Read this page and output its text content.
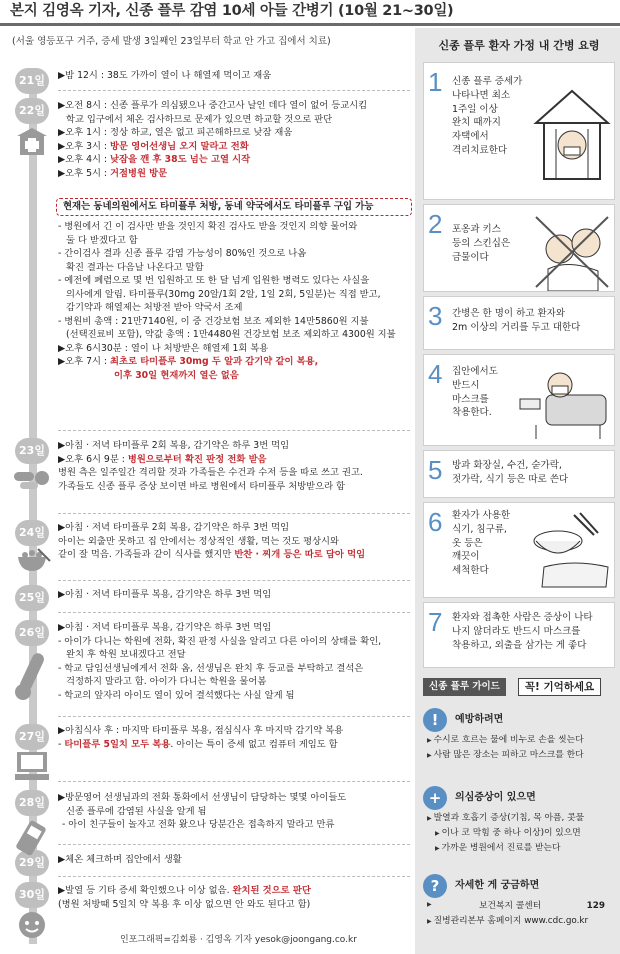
본지 김영옥 기자, 신종 플루 감염 10세 아들 간병기 (10월 21~30일)
(서울 영등포구 거주, 증세 발생 3일째인 23일부터 학교 안 가고 집에서 치료)
21일
22일
23일
24일
25일
26일
27일
28일
29일
30일
▶밤 12시 : 38도 가까이 열이 나 해열제 먹이고 재움
▶오전 8시 : 신종 플루가 의심됐으나 중간고사 날인 데다 열이 없어 등교시킴
학교 입구에서 체온 검사하므로 문제가 있으면 하교할 것으로 판단
▶오후 1시 : 정상 하교, 열은 없고 피곤해하므로 낮잠 재움
▶오후 3시 : 방문 영어선생님 오지 말라고 전화
▶오후 4시 : 낮잠을 깬 후 38도 넘는 고열 시작
▶오후 5시 : 거점병원 방문
현재는 동네의원에서도 타미플루 처방, 동네 약국에서도 타미플루 구입 가능
- 병원에서 긴 이 검사만 받을 것인지 확진 검사도 받을 것인지 의향 물어와
둘 다 받겠다고 함
- 간이검사 결과 신종 플루 감염 가능성이 80%인 것으로 나옴
확진 결과는 다음날 나온다고 말함
- 예전에 폐렴으로 몇 번 입원하고 또 한 달 넘게 입원한 병력도 있다는 사실을
의사에게 알림. 타미플루(30mg 20알/1회 2알, 1일 2회, 5일분)는 직접 받고,
감기약과 해열제는 처방전 받아 약국서 조제
- 병원비 총액 : 21만7140원, 이 중 건강보험 보조 제외한 14만5860원 지불
(선택진료비 포함), 약값 총액 : 1만4480원 건강보험 보조 제외하고 4300원 지불
▶오후 6시30분 : 열이 나 처방받은 해열제 1회 복용
▶오후 7시 : 최초로 타미플루 30mg 두 알과 감기약 같이 복용,
이후 30일 현재까지 열은 없음
▶아침 · 저녁 타미플루 2회 복용, 감기약은 하루 3번 먹임
▶오후 6시 9분 : 병원으로부터 확진 판정 전화 받음
병원 측은 일주일간 격리할 것과 가족들은 수건과 수저 등을 따로 쓰고 권고.
가족들도 신종 플루 증상 보이면 바로 병원에서 타미플루 처방받으라 함
▶아침 · 저녁 타미플루 2회 복용, 감기약은 하루 3번 먹임
아이는 외출만 못하고 집 안에서는 정상적인 생활, 먹는 것도 평상시와
같이 잘 먹음. 가족들과 같이 식사를 했지만 반찬 · 찌개 등은 따로 담아 먹임
▶아침 · 저녁 타미플루 복용, 감기약은 하루 3번 먹임
▶아침 · 저녁 타미플루 복용, 감기약은 하루 3번 먹임
- 아이가 다니는 학원에 전화, 확진 판정 사실을 알리고 다른 아이의 상태를 확인,
완치 후 학원 보내겠다고 전달
- 학교 담임선생님에게서 전화 옴, 선생님은 완치 후 등교를 부탁하고 결석은
걱정하지 말라고 함. 아이가 다니는 학원을 물어봄
- 학교의 앞자리 아이도 열이 있어 결석했다는 사실 알게 됨
▶아침식사 후 : 마지막 타미플루 복용, 점심식사 후 마지막 감기약 복용
- 타미플루 5일치 모두 복용. 아이는 특이 증세 없고 컴퓨터 게임도 함
▶방문영어 선생님과의 전화 통화에서 선생님이 담당하는 몇몇 아이들도
신종 플루에 감염된 사실을 알게 됨
- 아이 친구들이 놀자고 전화 왔으나 당분간은 접촉하지 말라고 만류
▶체온 체크하며 집안에서 생활
▶발열 등 기타 증세 확인했으나 이상 없음. 완치된 것으로 판단
(병원 처방때 5일치 약 복용 후 이상 없으면 안 와도 된다고 함)
인포그래픽=김회룡 · 김영옥 기자 yesok@joongang.co.kr
신종 플루 환자 가정 내 간병 요령
1 신종 플루 증세가
나타나면 최소
1주일 이상
완치 때까지
자택에서
격리치료한다
2 포옹과 키스
등의 스킨십은
금물이다
3 간병은 한 명이 하고 환자와
2m 이상의 거리를 두고 대한다
4 집안에서도
반드시
마스크를
착용한다.
5 방과 화장실, 수건, 숟가락,
젓가락, 식기 등은 따로 쓴다
6 환자가 사용한
식기, 침구류,
옷 등은
깨끗이
세척한다
7 환자와 접촉한 사람은 증상이 나타
나지 않더라도 반드시 마스크를
착용하고, 외출을 삼가는 게 좋다
신종 플루 가이드	꼭! 기억하세요
!	예방하려면
▶ 수시로 흐르는 물에 비누로 손을 씻는다
▶ 사람 많은 장소는 피하고 마스크를 한다
+	의심증상이 있으면
▶ 발열과 호흡기 증상(기침, 목 아픔, 콧물
▶ 이나 코 막힘 중 하나 이상)이 있으면
▶ 가까운 병원에서 진료를 받는다
?	자세한 게 궁금하면
▶ 보건복지 콜센터	129
▶ 질병관리본부 홈페이지 www.cdc.go.kr
